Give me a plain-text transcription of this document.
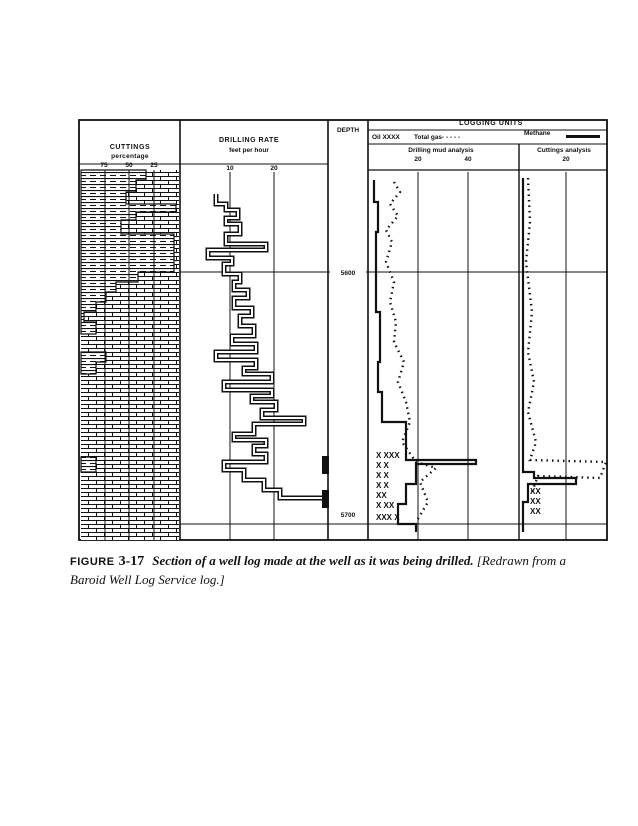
X XXX
X X
X X
X X
XX
X XX
XXX X
XX
XX
XX
CUTTINGS
percentage
75	50	25
DRILLING RATE
feet per hour
10	20
DEPTH
5600
5700
LOGGING UNITS
Oil XXXX	Total gas- - - - -
Methane
Drilling mud analysis
20	40
Cuttings analysis
20
FIGURE 3-17 Section of a well log made at the well as it was being drilled. [Redrawn from a Baroid Well Log Service log.]
